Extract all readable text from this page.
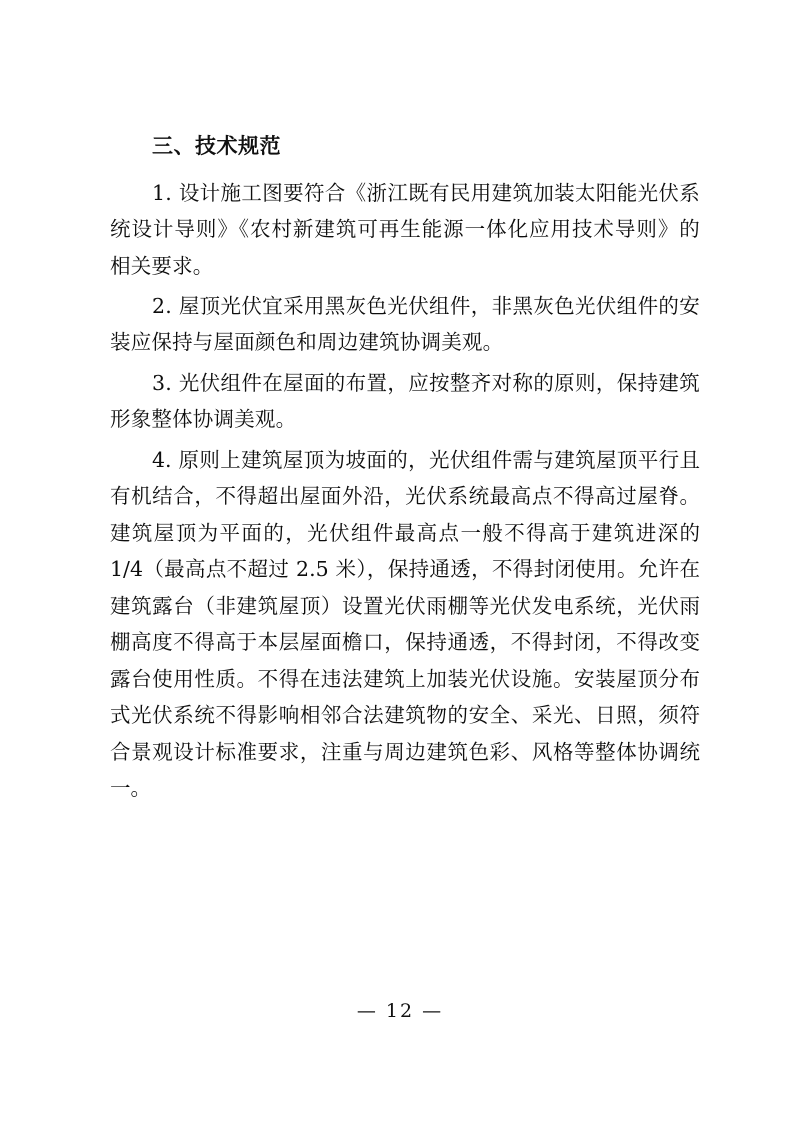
三、技术规范

1. 设计施工图要符合《浙江既有民用建筑加装太阳能光伏系统设计导则》《农村新建筑可再生能源一体化应用技术导则》的相关要求。

2. 屋顶光伏宜采用黑灰色光伏组件，非黑灰色光伏组件的安装应保持与屋面颜色和周边建筑协调美观。

3. 光伏组件在屋面的布置，应按整齐对称的原则，保持建筑形象整体协调美观。

4. 原则上建筑屋顶为坡面的，光伏组件需与建筑屋顶平行且有机结合，不得超出屋面外沿，光伏系统最高点不得高过屋脊。建筑屋顶为平面的，光伏组件最高点一般不得高于建筑进深的 1/4（最高点不超过 2.5 米），保持通透，不得封闭使用。允许在建筑露台（非建筑屋顶）设置光伏雨棚等光伏发电系统，光伏雨棚高度不得高于本层屋面檐口，保持通透，不得封闭，不得改变露台使用性质。不得在违法建筑上加装光伏设施。安装屋顶分布式光伏系统不得影响相邻合法建筑物的安全、采光、日照，须符合景观设计标准要求，注重与周边建筑色彩、风格等整体协调统一。

— 12 —
